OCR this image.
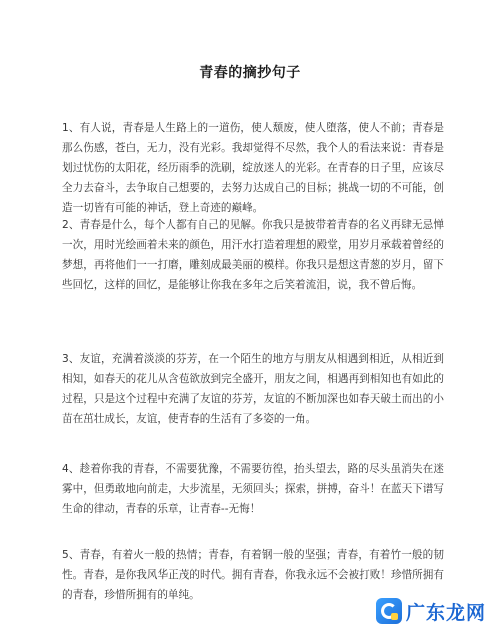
青春的摘抄句子
1、有人说，青春是人生路上的一道伤，使人颓废，使人堕落，使人不前；青春是那么伤感，苍白，无力，没有光彩。我却觉得不尽然，我个人的看法来说：青春是划过忧伤的太阳花，经历雨季的洗刷，绽放迷人的光彩。在青春的日子里，应该尽全力去奋斗，去争取自己想要的，去努力达成自己的目标；挑战一切的不可能，创造一切皆有可能的神话，登上奇迹的巅峰。
2、青春是什么，每个人都有自己的见解。你我只是披带着青春的名义再肆无忌惮一次，用时光绘画着未来的颜色，用汗水打造着理想的殿堂，用岁月承载着曾经的梦想，再将他们一一打磨，雕刻成最美丽的模样。你我只是想这青葱的岁月，留下些回忆，这样的回忆，是能够让你我在多年之后笑着流泪，说，我不曾后悔。
3、友谊，充满着淡淡的芬芳，在一个陌生的地方与朋友从相遇到相近，从相近到相知，如春天的花儿从含苞欲放到完全盛开，朋友之间，相遇再到相知也有如此的过程，只是这个过程中充满了友谊的芬芳，友谊的不断加深也如春天破土而出的小苗在茁壮成长，友谊，使青春的生活有了多姿的一角。
4、趁着你我的青春，不需要犹豫，不需要彷徨，抬头望去，路的尽头虽消失在迷雾中，但勇敢地向前走，大步流星，无须回头；探索，拼搏，奋斗！在蓝天下谱写生命的律动，青春的乐章，让青春--无悔！
5、青春，有着火一般的热情；青春，有着钢一般的坚强；青春，有着竹一般的韧性。青春，是你我风华正茂的时代。拥有青春，你我永远不会被打败！珍惜所拥有的青春，珍惜所拥有的单纯。
广东龙网
